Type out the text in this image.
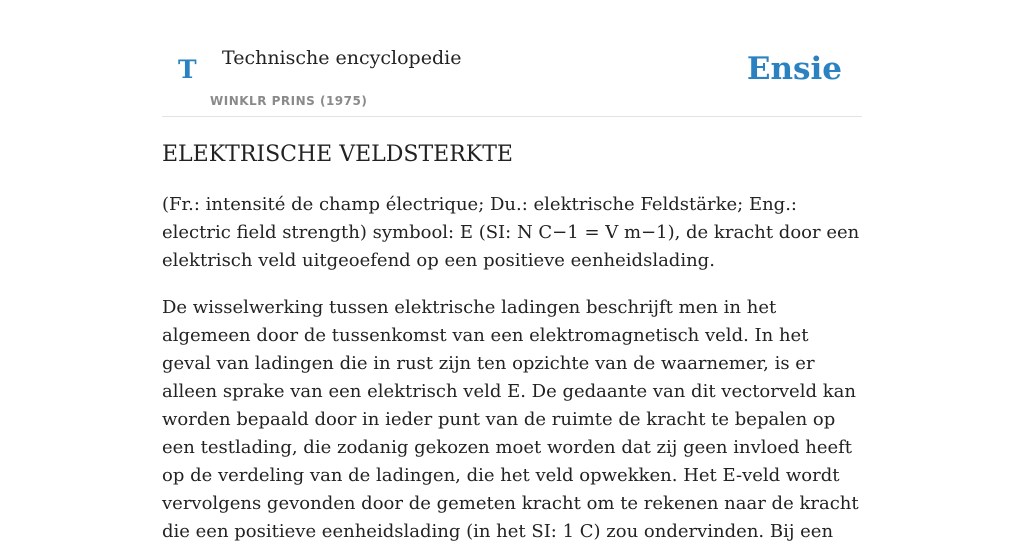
T Technische encyclopedie
WINKLR PRINS (1975)
Ensie
ELEKTRISCHE VELDSTERKTE

(Fr.: intensité de champ électrique; Du.: elektrische Feldstärke; Eng.: electric field strength) symbool: E (SI: N C−1 = V m−1), de kracht door een elektrisch veld uitgeoefend op een positieve eenheidslading.

De wisselwerking tussen elektrische ladingen beschrijft men in het algemeen door de tussenkomst van een elektromagnetisch veld. In het geval van ladingen die in rust zijn ten opzichte van de waarnemer, is er alleen sprake van een elektrisch veld E. De gedaante van dit vectorveld kan worden bepaald door in ieder punt van de ruimte de kracht te bepalen op een testlading, die zodanig gekozen moet worden dat zij geen invloed heeft op de verdeling van de ladingen, die het veld opwekken. Het E-veld wordt vervolgens gevonden door de gemeten kracht om te rekenen naar de kracht die een positieve eenheidslading (in het SI: 1 C) zou ondervinden. Bij een
